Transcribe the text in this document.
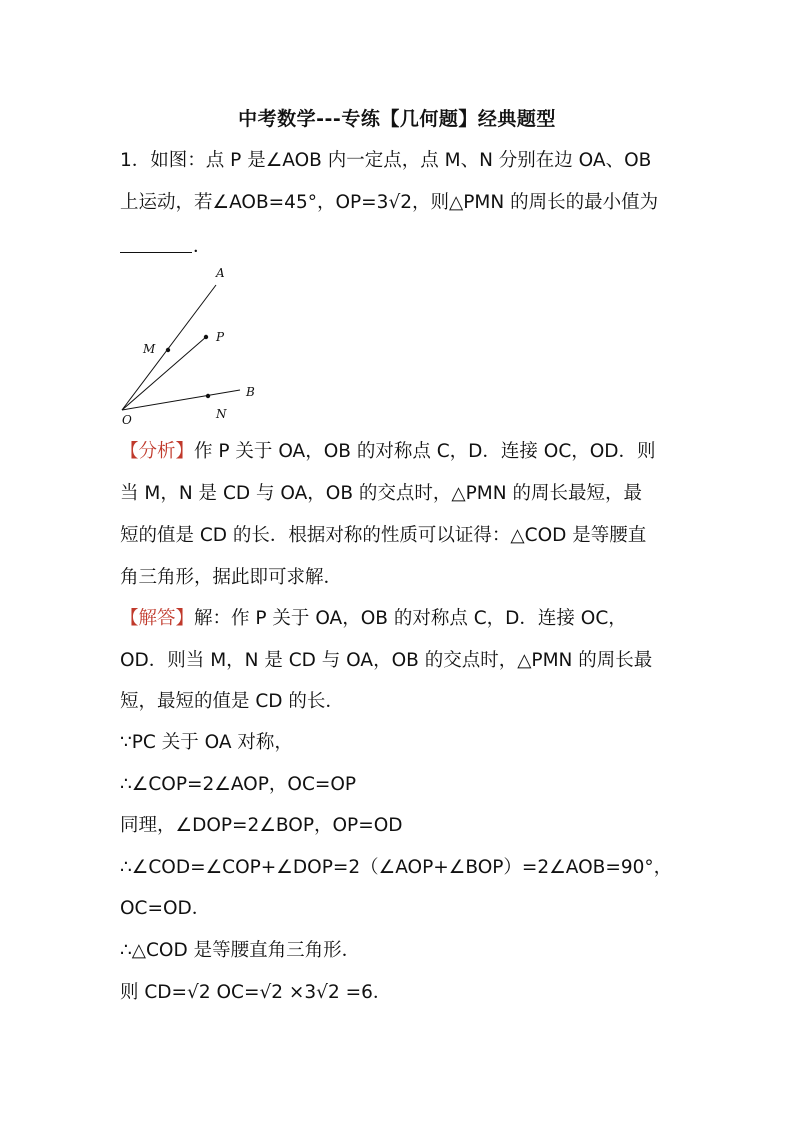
中考数学---专练【几何题】经典题型
1．如图：点 P 是∠AOB 内一定点，点 M、N 分别在边 OA、OB
上运动，若∠AOB=45°，OP=3√2，则△PMN 的周长的最小值为
．
A
P
M
B
N
O
【分析】作 P 关于 OA，OB 的对称点 C，D．连接 OC，OD．则
当 M，N 是 CD 与 OA，OB 的交点时，△PMN 的周长最短，最
短的值是 CD 的长．根据对称的性质可以证得：△COD 是等腰直
角三角形，据此即可求解．
【解答】解：作 P 关于 OA，OB 的对称点 C，D．连接 OC，
OD．则当 M，N 是 CD 与 OA，OB 的交点时，△PMN 的周长最
短，最短的值是 CD 的长．
∵PC 关于 OA 对称，
∴∠COP=2∠AOP，OC=OP
同理，∠DOP=2∠BOP，OP=OD
∴∠COD=∠COP+∠DOP=2（∠AOP+∠BOP）=2∠AOB=90°，
OC=OD．
∴△COD 是等腰直角三角形．
则 CD=√2 OC=√2 ×3√2 =6．
